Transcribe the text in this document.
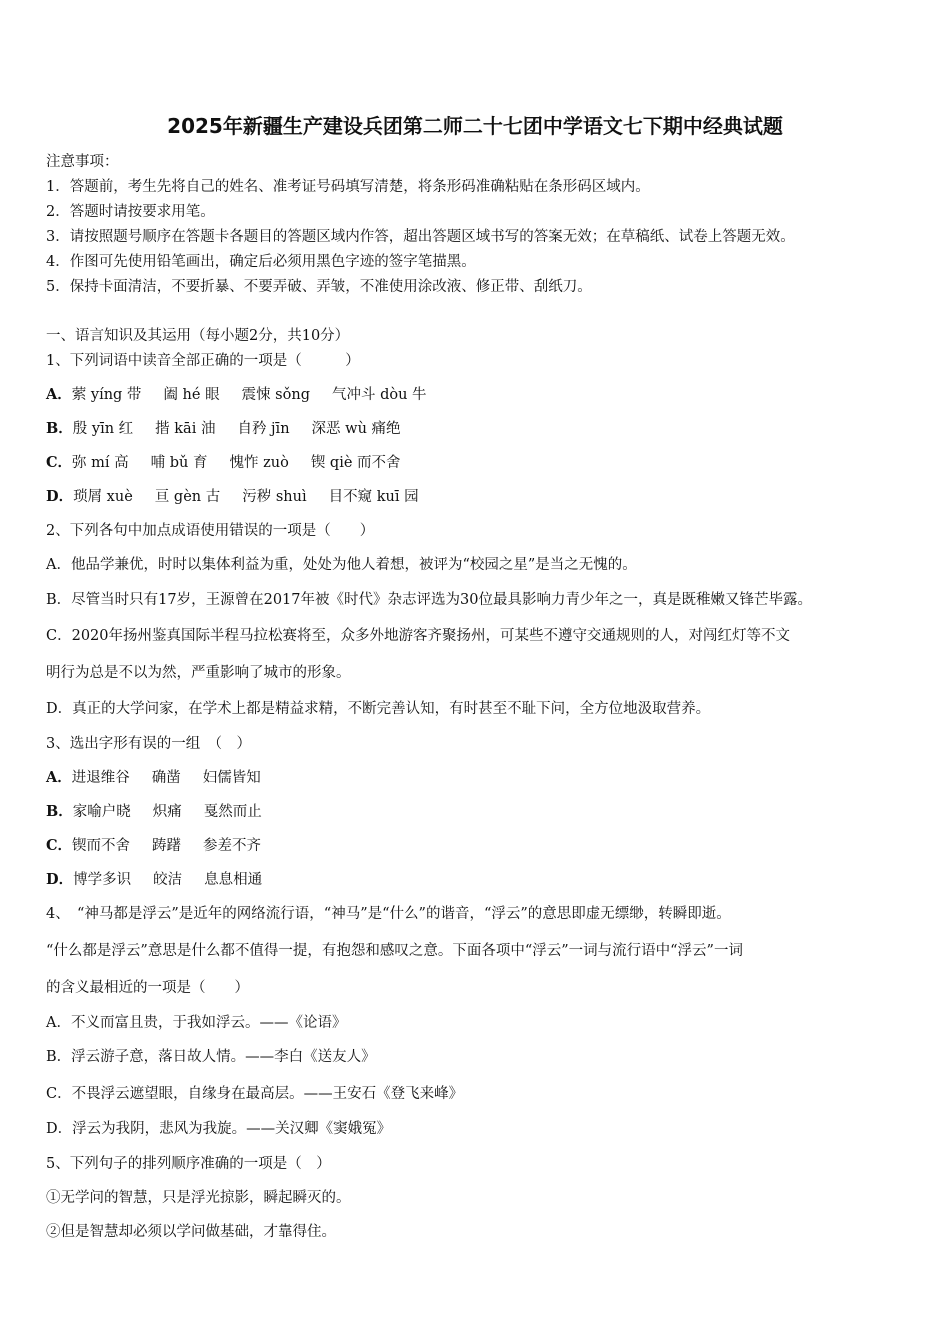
2025年新疆生产建设兵团第二师二十七团中学语文七下期中经典试题
注意事项：
1．答题前，考生先将自己的姓名、准考证号码填写清楚，将条形码准确粘贴在条形码区域内。
2．答题时请按要求用笔。
3．请按照题号顺序在答题卡各题目的答题区域内作答，超出答题区域书写的答案无效；在草稿纸、试卷上答题无效。
4．作图可先使用铅笔画出，确定后必须用黑色字迹的签字笔描黑。
5．保持卡面清洁，不要折暴、不要弄破、弄皱，不准使用涂改液、修正带、刮纸刀。
一、语言知识及其运用（每小题2分，共10分）
1、下列词语中读音全部正确的一项是（　　　）
A．萦 yíng 带 阖 hé 眼 震悚 sǒng 气冲斗 dòu 牛
B．殷 yīn 红 揩 kāi 油 自矜 jīn 深恶 wù 痛绝
C．弥 mí 高 哺 bǔ 育 愧怍 zuò 锲 qiè 而不舍
D．琐屑 xuè 亘 gèn 古 污秽 shuì 目不窥 kuī 园
2、下列各句中加点成语使用错误的一项是（　　）
A．他品学兼优，时时以集体利益为重，处处为他人着想，被评为“校园之星”是当之无愧的。
B．尽管当时只有17岁，王源曾在2017年被《时代》杂志评选为30位最具影响力青少年之一，真是既稚嫩又锋芒毕露。
C．2020年扬州鉴真国际半程马拉松赛将至，众多外地游客齐聚扬州，可某些不遵守交通规则的人，对闯红灯等不文
明行为总是不以为然，严重影响了城市的形象。
D．真正的大学问家，在学术上都是精益求精，不断完善认知，有时甚至不耻下问，全方位地汲取营养。
3、选出字形有误的一组　（　）
A．进退维谷 确凿 妇儒皆知
B．家喻户晓 炽痛 戛然而止
C．锲而不舍 踌躇 参差不齐
D．博学多识 皎洁 息息相通
4、　“神马都是浮云”是近年的网络流行语，“神马”是“什么”的谐音，“浮云”的意思即虚无缥缈，转瞬即逝。
“什么都是浮云”意思是什么都不值得一提，有抱怨和感叹之意。下面各项中“浮云”一词与流行语中“浮云”一词
的含义最相近的一项是（　　）
A．不义而富且贵，于我如浮云。——《论语》
B．浮云游子意，落日故人情。——李白《送友人》
C．不畏浮云遮望眼，自缘身在最高层。——王安石《登飞来峰》
D．浮云为我阴，悲风为我旋。——关汉卿《窦娥冤》
5、下列句子的排列顺序准确的一项是（　）
①无学问的智慧，只是浮光掠影，瞬起瞬灭的。
②但是智慧却必须以学问做基础，才靠得住。
